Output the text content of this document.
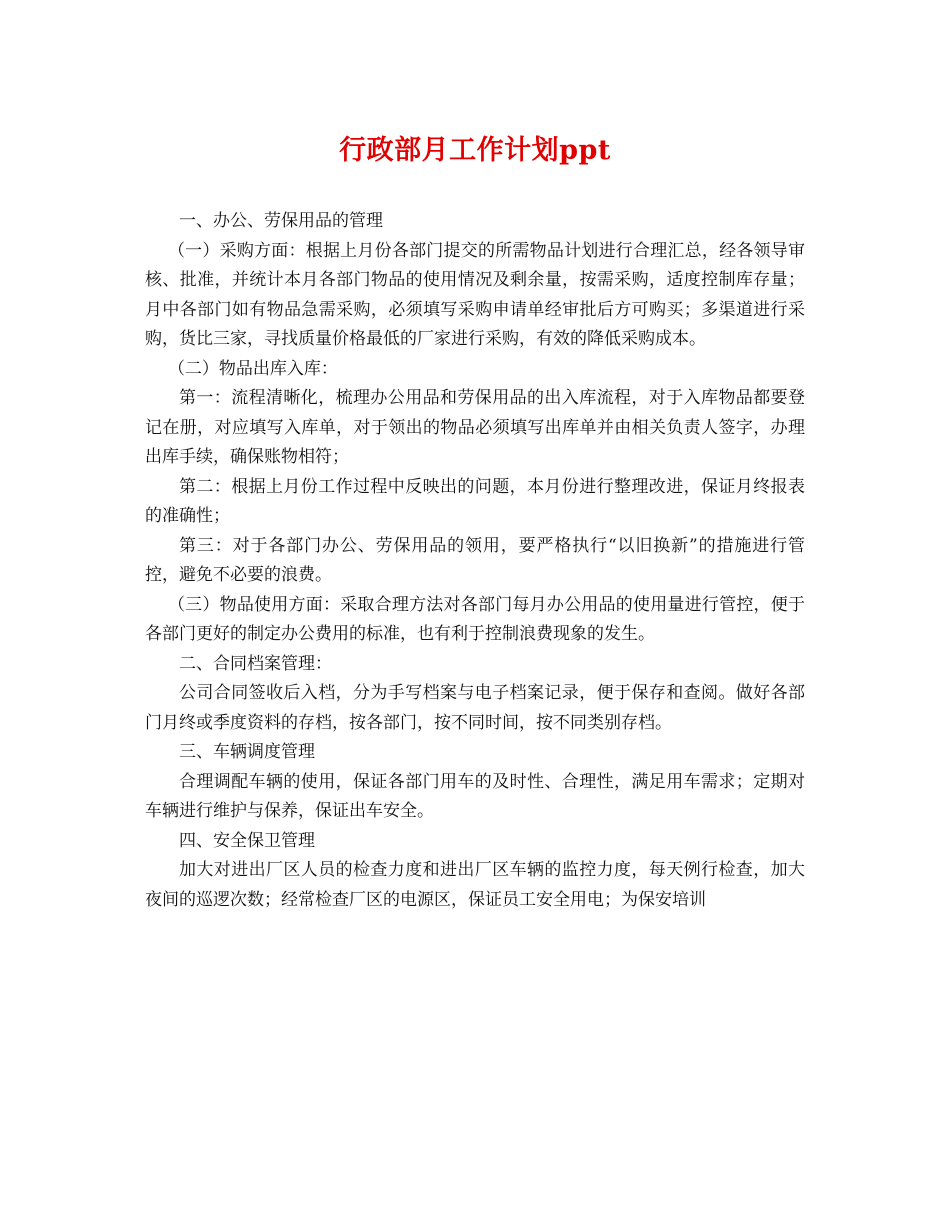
行政部月工作计划ppt

一、办公、劳保用品的管理

（一）采购方面：根据上月份各部门提交的所需物品计划进行合理汇总，经各领导审核、批准，并统计本月各部门物品的使用情况及剩余量，按需采购，适度控制库存量；月中各部门如有物品急需采购，必须填写采购申请单经审批后方可购买；多渠道进行采购，货比三家，寻找质量价格最低的厂家进行采购，有效的降低采购成本。

（二）物品出库入库：

第一：流程清晰化，梳理办公用品和劳保用品的出入库流程，对于入库物品都要登记在册，对应填写入库单，对于领出的物品必须填写出库单并由相关负责人签字，办理出库手续，确保账物相符；

第二：根据上月份工作过程中反映出的问题，本月份进行整理改进，保证月终报表的准确性；

第三：对于各部门办公、劳保用品的领用，要严格执行“以旧换新”的措施进行管控，避免不必要的浪费。

（三）物品使用方面：采取合理方法对各部门每月办公用品的使用量进行管控，便于各部门更好的制定办公费用的标准，也有利于控制浪费现象的发生。

二、合同档案管理：

公司合同签收后入档，分为手写档案与电子档案记录，便于保存和查阅。做好各部门月终或季度资料的存档，按各部门，按不同时间，按不同类别存档。

三、车辆调度管理

合理调配车辆的使用，保证各部门用车的及时性、合理性，满足用车需求；定期对车辆进行维护与保养，保证出车安全。

四、安全保卫管理

加大对进出厂区人员的检查力度和进出厂区车辆的监控力度，每天例行检查，加大夜间的巡逻次数；经常检查厂区的电源区，保证员工安全用电；为保安培训
